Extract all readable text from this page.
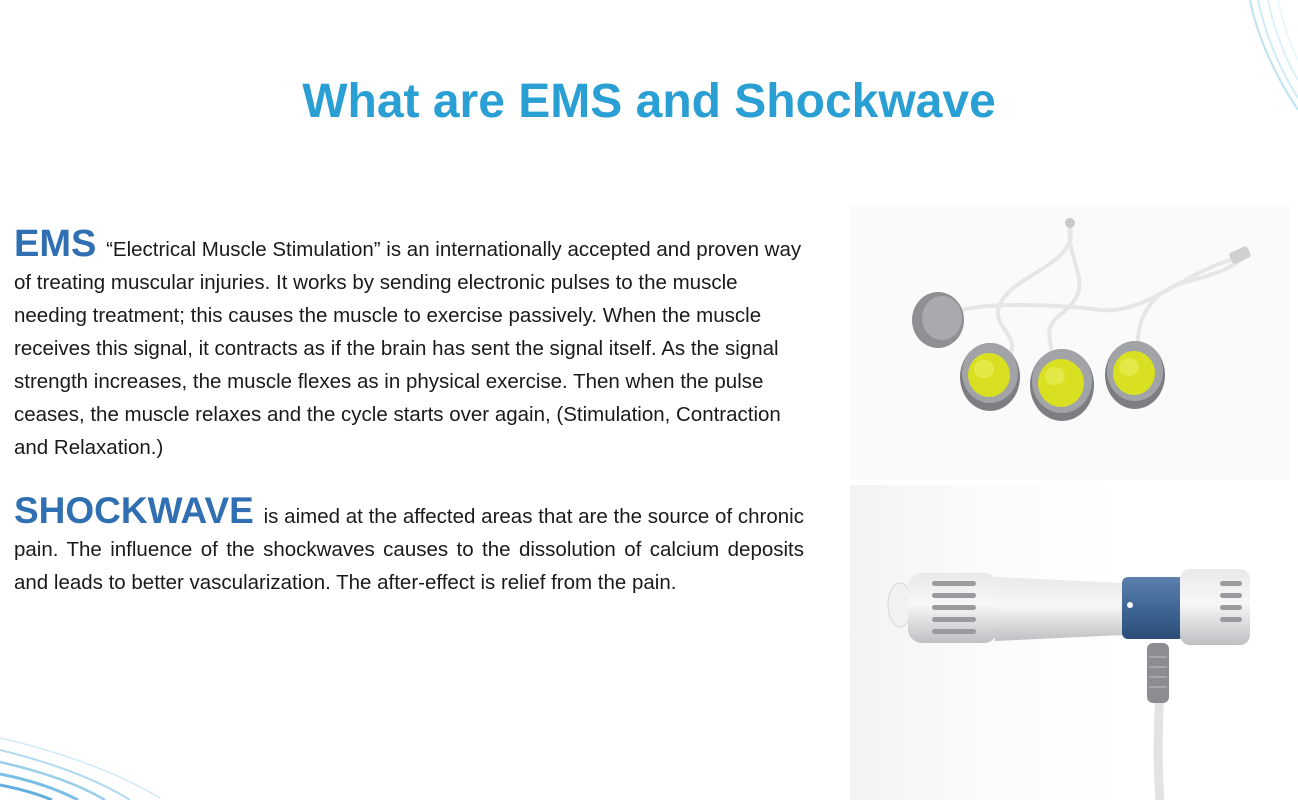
What are EMS and Shockwave

EMS “Electrical Muscle Stimulation” is an internationally accepted and proven way of treating muscular injuries. It works by sending electronic pulses to the muscle needing treatment; this causes the muscle to exercise passively. When the muscle receives this signal, it contracts as if the brain has sent the signal itself. As the signal strength increases, the muscle flexes as in physical exercise. Then when the pulse ceases, the muscle relaxes and the cycle starts over again, (Stimulation, Contraction and Relaxation.)

SHOCKWAVE is aimed at the affected areas that are the source of chronic pain. The influence of the shockwaves causes to the dissolution of calcium deposits and leads to better vascularization. The after-effect is relief from the pain.
